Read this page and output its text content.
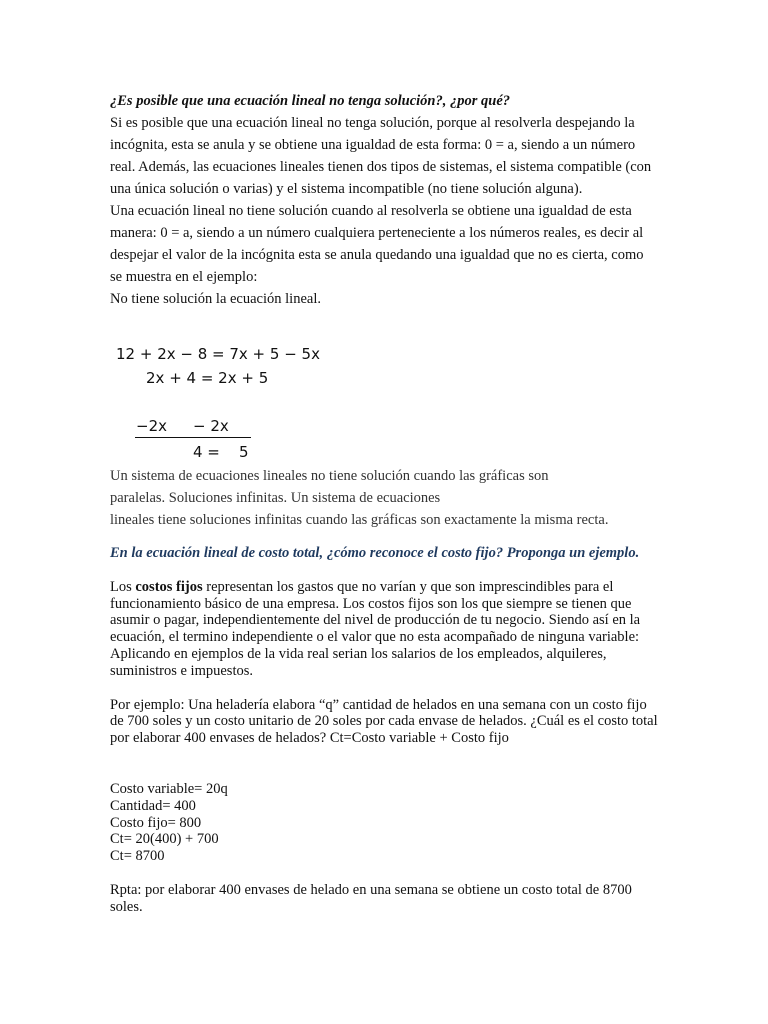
¿Es posible que una ecuación lineal no tenga solución?, ¿por qué?

Si es posible que una ecuación lineal no tenga solución, porque al resolverla despejando la incógnita, esta se anula y se obtiene una igualdad de esta forma: 0 = a, siendo a un número real. Además, las ecuaciones lineales tienen dos tipos de sistemas, el sistema compatible (con una única solución o varias) y el sistema incompatible (no tiene solución alguna).

Una ecuación lineal no tiene solución cuando al resolverla se obtiene una igualdad de esta manera: 0 = a, siendo a un número cualquiera perteneciente a los números reales, es decir al despejar el valor de la incógnita esta se anula quedando una igualdad que no es cierta, como se muestra en el ejemplo:

No tiene solución la ecuación lineal.

12 + 2x − 8 = 7x + 5 − 5x
2x + 4 = 2x + 5
−2x − 2x
4 = 5
Un sistema de ecuaciones lineales no tiene solución cuando las gráficas son
paralelas. Soluciones infinitas. Un sistema de ecuaciones
lineales tiene soluciones infinitas cuando las gráficas son exactamente la misma recta.

En la ecuación lineal de costo total, ¿cómo reconoce el costo fijo? Proponga un ejemplo.

Los costos fijos representan los gastos que no varían y que son imprescindibles para el funcionamiento básico de una empresa. Los costos fijos son los que siempre se tienen que asumir o pagar, independientemente del nivel de producción de tu negocio. Siendo así en la ecuación, el termino independiente o el valor que no esta acompañado de ninguna variable: Aplicando en ejemplos de la vida real serian los salarios de los empleados, alquileres, suministros e impuestos.

Por ejemplo: Una heladería elabora “q” cantidad de helados en una semana con un costo fijo de 700 soles y un costo unitario de 20 soles por cada envase de helados. ¿Cuál es el costo total por elaborar 400 envases de helados? Ct=Costo variable + Costo fijo

Costo variable= 20q
Cantidad= 400
Costo fijo= 800
Ct= 20(400) + 700
Ct= 8700

Rpta: por elaborar 400 envases de helado en una semana se obtiene un costo total de 8700 soles.
